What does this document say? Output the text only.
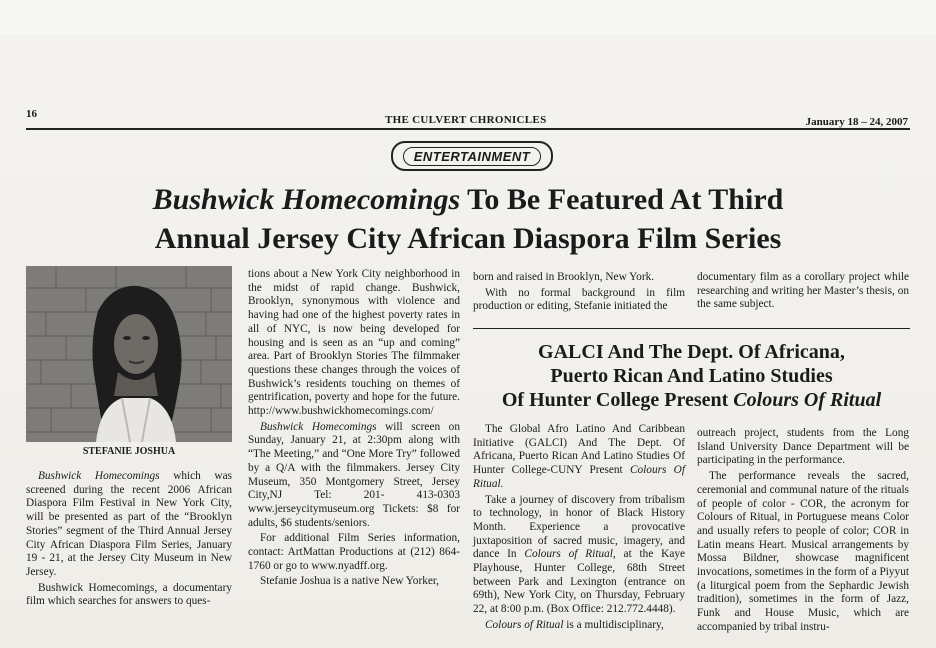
16	THE CULVERT CHRONICLES	January 18 – 24, 2007
ENTERTAINMENT
Bushwick Homecomings To Be Featured At Third
Annual Jersey City African Diaspora Film Series
STEFANIE JOSHUA

Bushwick Homecomings which was screened during the recent 2006 African Diaspora Film Festival in New York City, will be presented as part of the “Brooklyn Stories” segment of the Third Annual Jersey City African Diaspora Film Series, January 19 - 21, at the Jersey City Museum in New Jersey.

Bushwick Homecomings, a documentary film which searches for answers to ques-

tions about a New York City neighborhood in the midst of rapid change. Bushwick, Brooklyn, synonymous with violence and having had one of the highest poverty rates in all of NYC, is now being developed for housing and is seen as an “up and coming” area. Part of Brooklyn Stories The filmmaker questions these changes through the voices of Bushwick’s residents touching on themes of gentrification, poverty and hope for the future. http://www.bushwickhomecomings.com/

Bushwick Homecomings will screen on Sunday, January 21, at 2:30pm along with “The Meeting,” and “One More Try” followed by a Q/A with the filmmakers. Jersey City Museum, 350 Montgomery Street, Jersey City,NJ Tel: 201- 413-0303 www.jerseycitymuseum.org Tickets: $8 for adults, $6 students/seniors.

For additional Film Series information, contact: ArtMattan Productions at (212) 864-1760 or go to www.nyadff.org.

Stefanie Joshua is a native New Yorker,

born and raised in Brooklyn, New York.

With no formal background in film production or editing, Stefanie initiated the

documentary film as a corollary project while researching and writing her Master’s thesis, on the same subject.

GALCI And The Dept. Of Africana,
Puerto Rican And Latino Studies
Of Hunter College Present Colours Of Ritual

The Global Afro Latino And Caribbean Initiative (GALCI) And The Dept. Of Africana, Puerto Rican And Latino Studies Of Hunter College-CUNY Present Colours Of Ritual.

Take a journey of discovery from tribalism to technology, in honor of Black History Month. Experience a provocative juxtaposition of sacred music, imagery, and dance In Colours of Ritual, at the Kaye Playhouse, Hunter College, 68th Street between Park and Lexington (entrance on 69th), New York City, on Thursday, February 22, at 8:00 p.m. (Box Office: 212.772.4448).

Colours of Ritual is a multidisciplinary,

outreach project, students from the Long Island University Dance Department will be participating in the performance.

The performance reveals the sacred, ceremonial and communal nature of the rituals of people of color - COR, the acronym for Colours of Ritual, in Portuguese means Color and usually refers to people of color; COR in Latin means Heart. Musical arrangements by Mossa Bildner, showcase magnificent invocations, sometimes in the form of a Piyyut (a liturgical poem from the Sephardic Jewish tradition), sometimes in the form of Jazz, Funk and House Music, which are accompanied by tribal instru-
